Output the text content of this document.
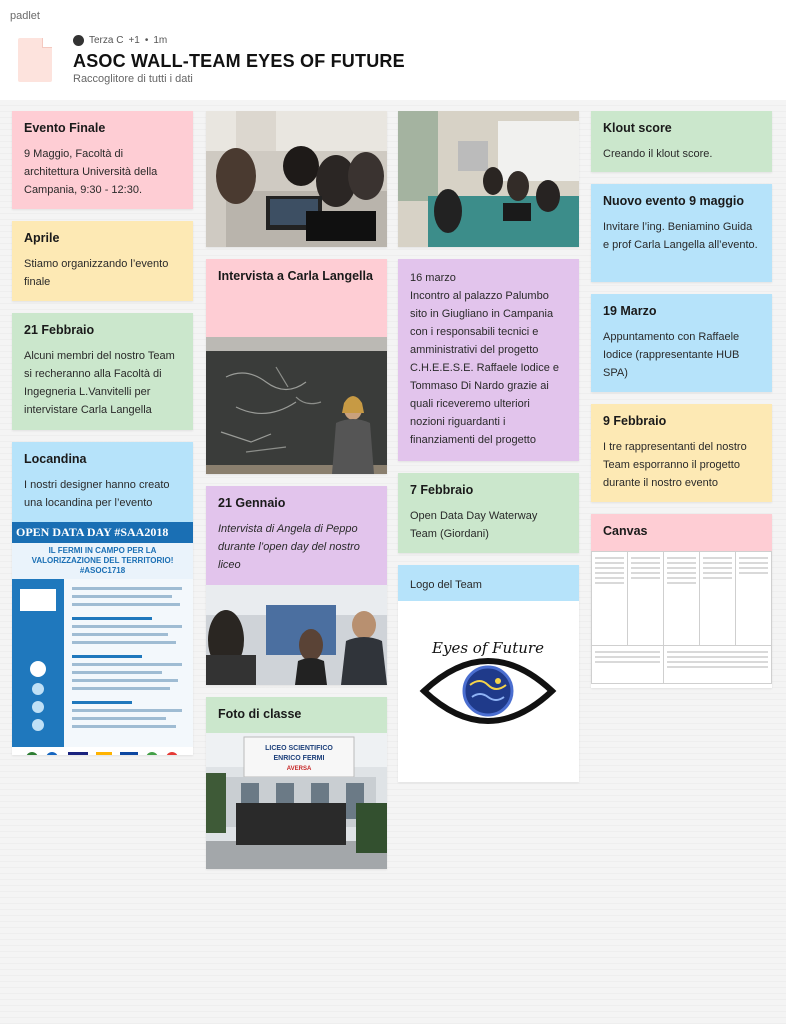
padlet
Terza C +1 • 1m
ASOC WALL-TEAM EYES OF FUTURE
Raccoglitore di tutti i dati
Evento Finale
9 Maggio, Facoltà di architettura Università della Campania, 9:30 - 12:30.
Aprile
Stiamo organizzando l’evento finale
21 Febbraio
Alcuni membri del nostro Team si recheranno alla Facoltà di Ingegneria L.Vanvitelli per intervistare Carla Langella
Locandina
I nostri designer hanno creato una locandina per l’evento
OPEN DATA DAY #SAA2018
IL FERMI IN CAMPO PER LA VALORIZZAZIONE DEL TERRITORIO! #ASOC1718
Intervista a Carla Langella
21 Gennaio
Intervista di Angela di Peppo durante l’open day del nostro liceo
Foto di classe
LICEO SCIENTIFICO
ENRICO FERMI
AVERSA
16 marzo
Incontro al palazzo Palumbo sito in Giugliano in Campania con i responsabili tecnici e amministrativi del progetto C.H.E.E.S.E. Raffaele Iodice e Tommaso Di Nardo grazie ai quali riceveremo ulteriori nozioni riguardanti i finanziamenti del progetto
7 Febbraio
Open Data Day Waterway Team (Giordani)
Logo del Team
Eyes of Future
Klout score
Creando il klout score.
Nuovo evento 9 maggio
Invitare l’ing. Beniamino Guida e prof Carla Langella all’evento.
19 Marzo
Appuntamento con Raffaele Iodice (rappresentante HUB SPA)
9 Febbraio
I tre rappresentanti del nostro Team esporranno il progetto durante il nostro evento
Canvas
